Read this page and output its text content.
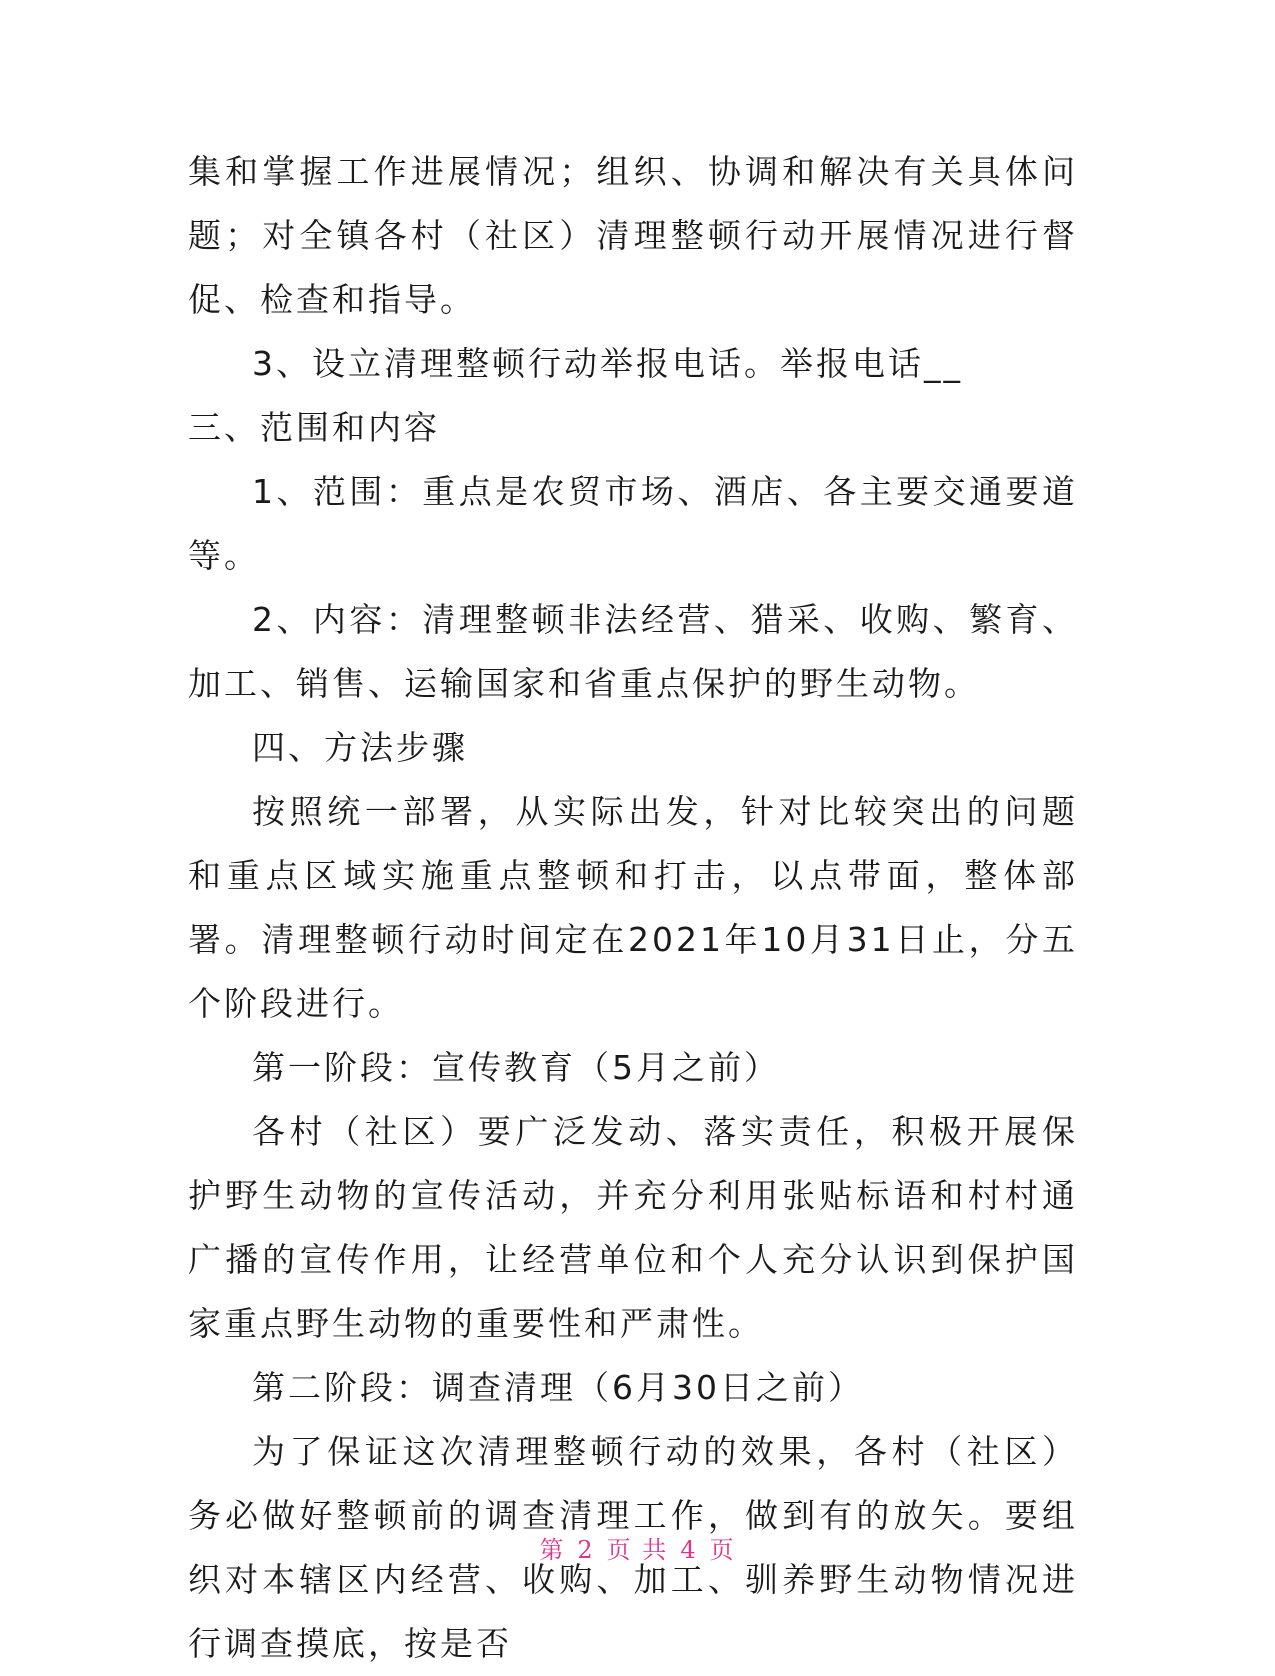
集和掌握工作进展情况；组织、协调和解决有关具体问题；对全镇各村（社区）清理整顿行动开展情况进行督促、检查和指导。

3、设立清理整顿行动举报电话。举报电话__

三、范围和内容

1、范围：重点是农贸市场、酒店、各主要交通要道等。

2、内容：清理整顿非法经营、猎采、收购、繁育、加工、销售、运输国家和省重点保护的野生动物。

四、方法步骤

按照统一部署，从实际出发，针对比较突出的问题和重点区域实施重点整顿和打击，以点带面，整体部署。清理整顿行动时间定在2021年10月31日止，分五个阶段进行。

第一阶段：宣传教育（5月之前）

各村（社区）要广泛发动、落实责任，积极开展保护野生动物的宣传活动，并充分利用张贴标语和村村通广播的宣传作用，让经营单位和个人充分认识到保护国家重点野生动物的重要性和严肃性。

第二阶段：调查清理（6月30日之前）

为了保证这次清理整顿行动的效果，各村（社区）务必做好整顿前的调查清理工作，做到有的放矢。要组织对本辖区内经营、收购、加工、驯养野生动物情况进行调查摸底，按是否

第 2 页 共 4 页
